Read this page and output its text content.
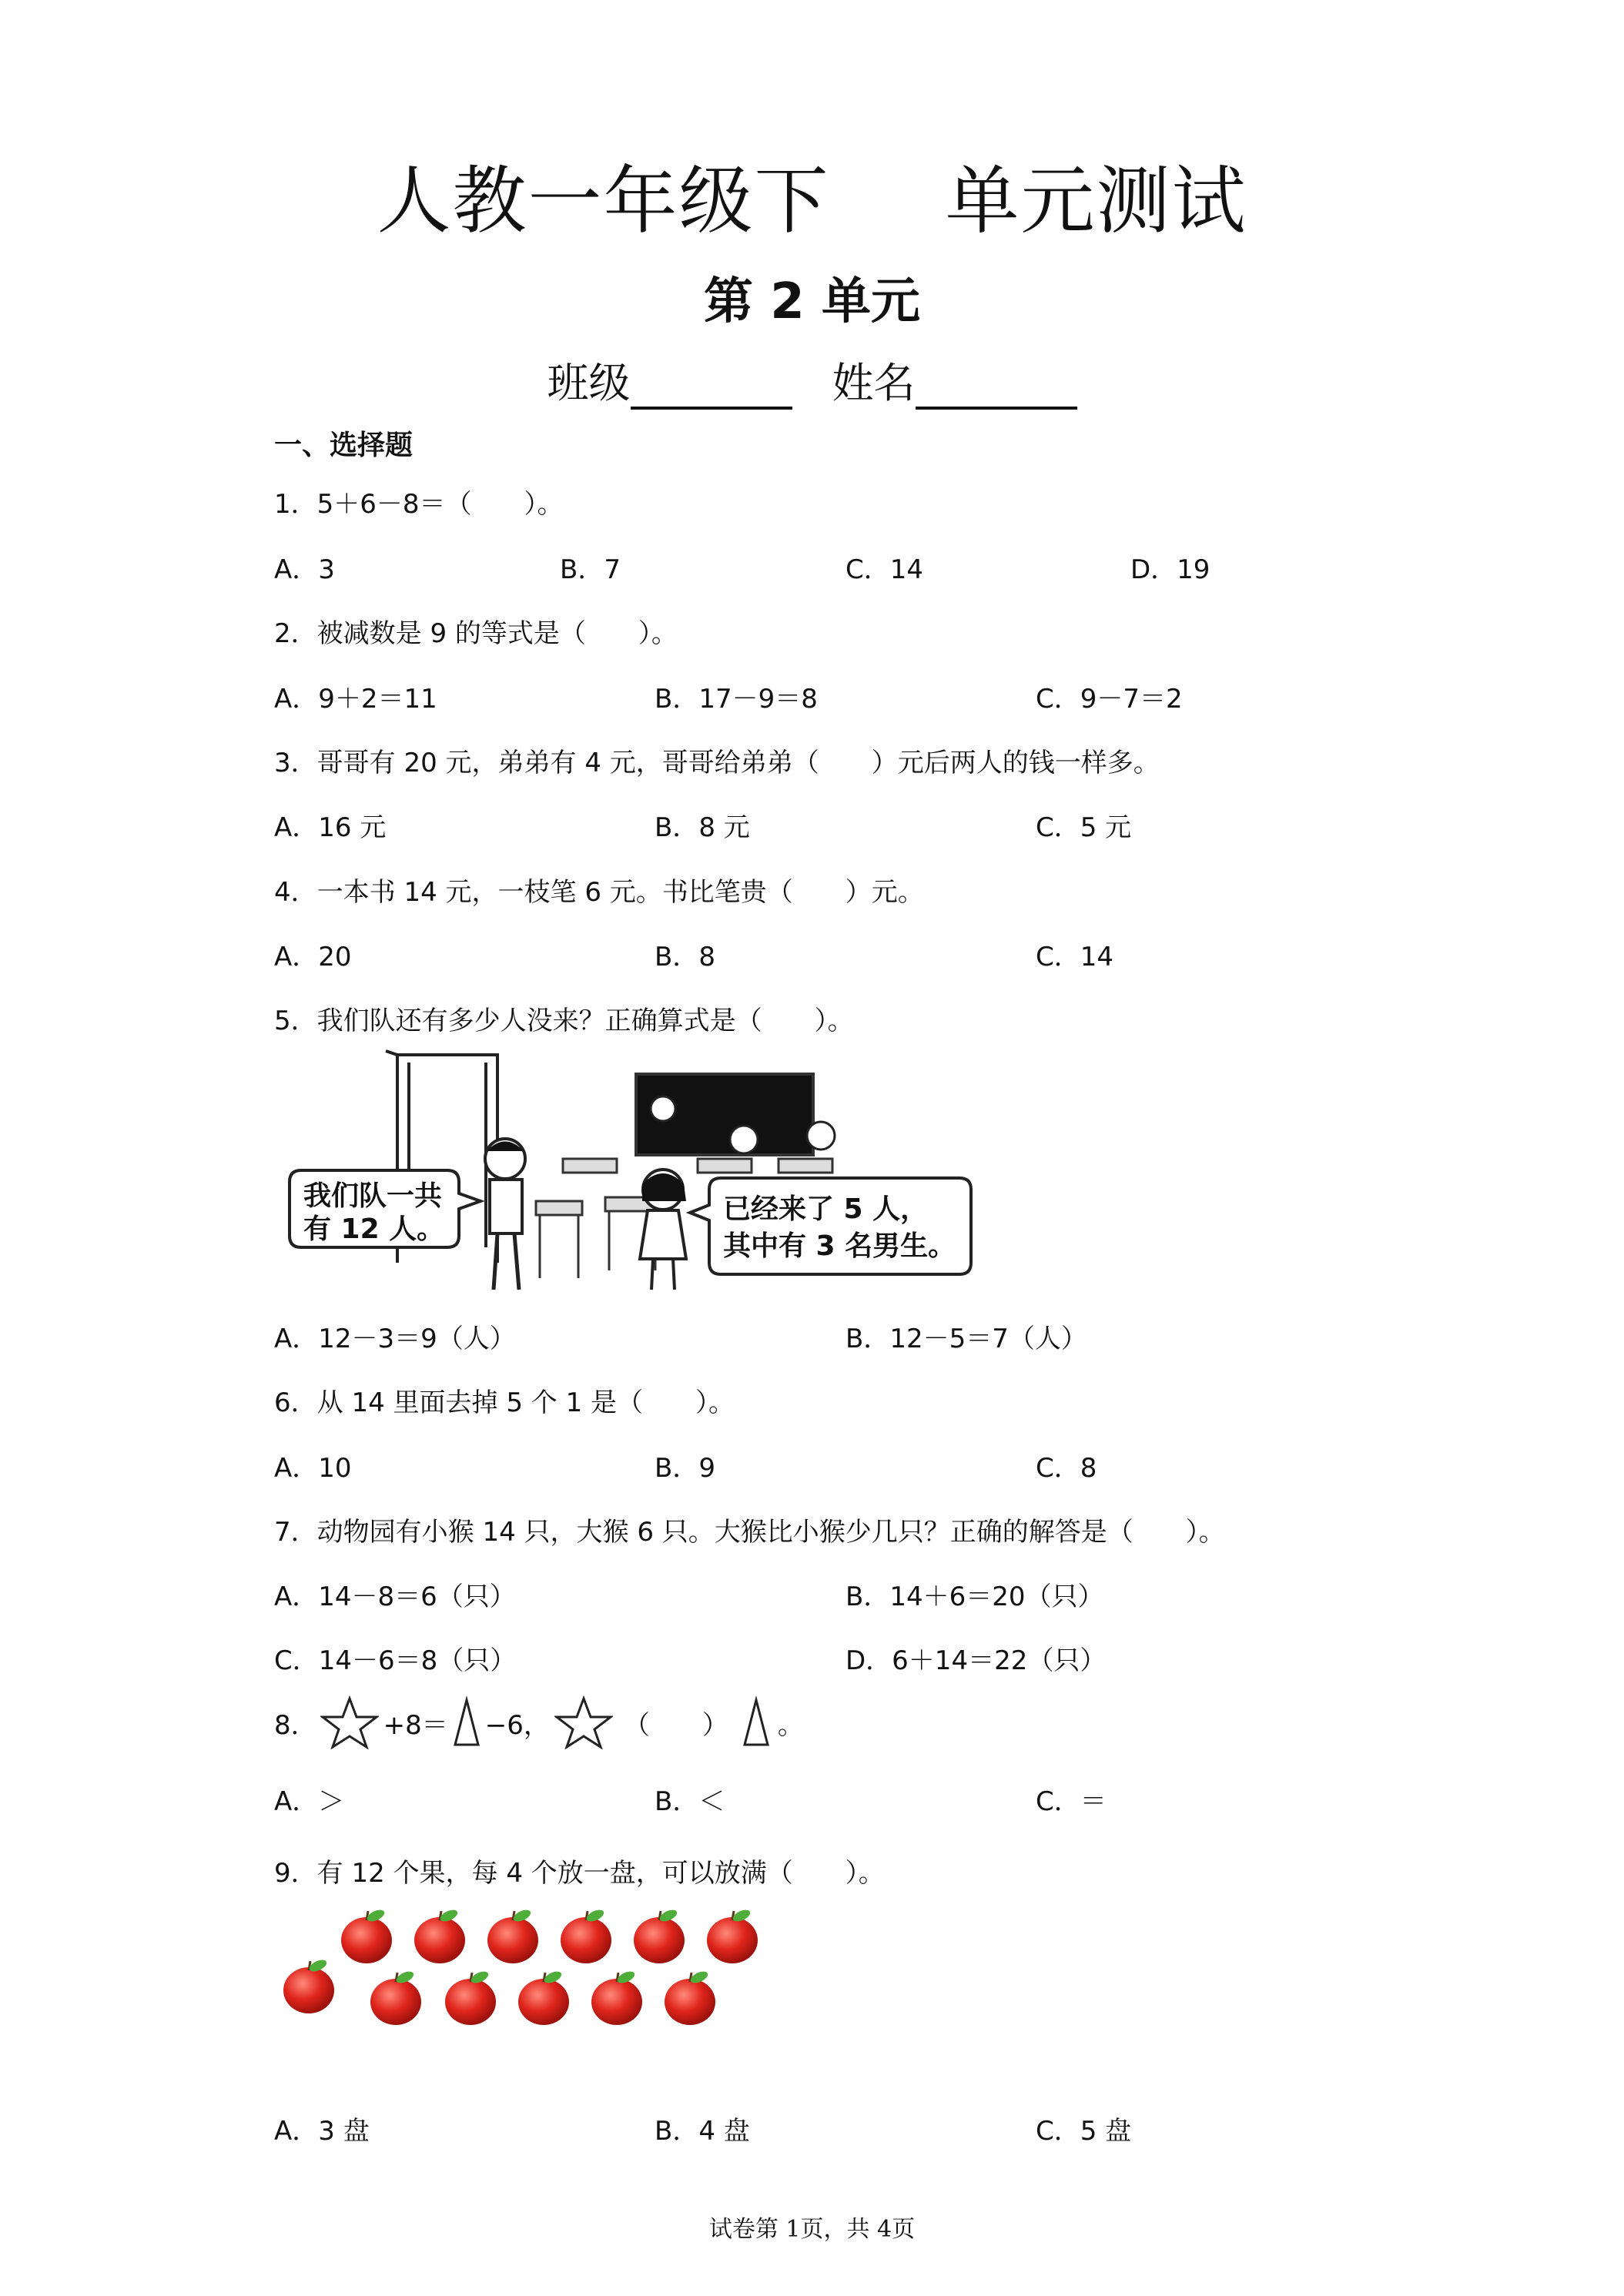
人教一年级下 单元测试
第 2 单元
班级	姓名
一、选择题
1．5＋6－8＝（　　）。
A．3	B．7	C．14	D．19
2．被减数是 9 的等式是（　　）。
A．9＋2＝11	B．17－9＝8	C．9－7＝2
3．哥哥有 20 元，弟弟有 4 元，哥哥给弟弟（　　）元后两人的钱一样多。
A．16 元	B．8 元	C．5 元
4．一本书 14 元，一枝笔 6 元。书比笔贵（　　）元。
A．20	B．8	C．14
5．我们队还有多少人没来？正确算式是（　　）。
我们队一共
有 12 人。
已经来了 5 人，
其中有 3 名男生。
A．12－3＝9（人）	B．12－5＝7（人）
6．从 14 里面去掉 5 个 1 是（　　）。
A．10	B．9	C．8
7．动物园有小猴 14 只，大猴 6 只。大猴比小猴少几只？正确的解答是（　　）。
A．14－8＝6（只）	B．14＋6＝20（只）
C．14－6＝8（只）	D．6＋14＝22（只）
8．	+8＝ −6，	（　　） 。
A．＞	B．＜	C．＝
9．有 12 个果，每 4 个放一盘，可以放满（　　）。
A．3 盘	B．4 盘	C．5 盘
试卷第 1页，共 4页
